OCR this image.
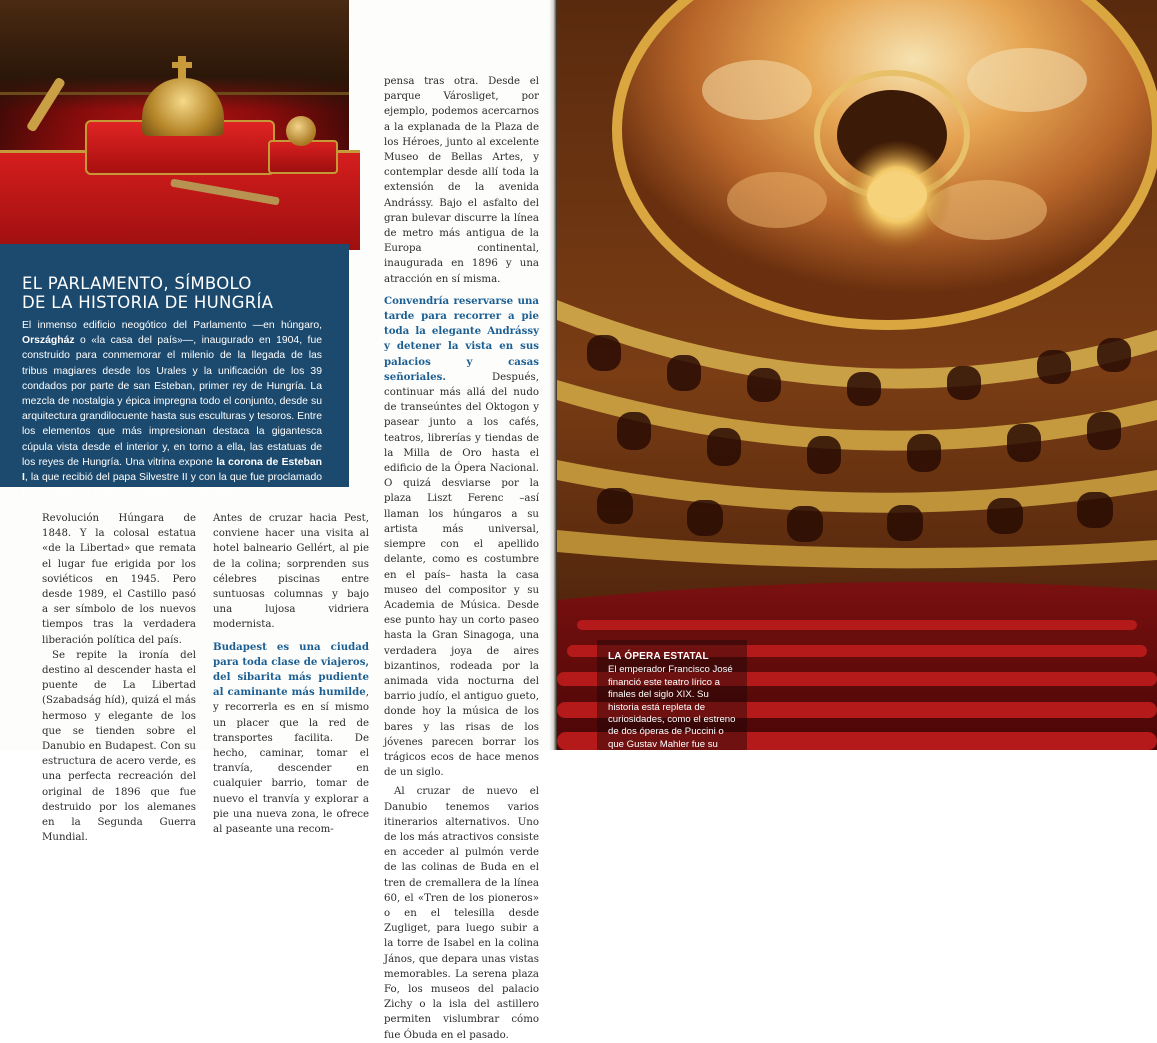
EL PARLAMENTO, SÍMBOLO
DE LA HISTORIA DE HUNGRÍA

El inmenso edificio neogótico del Parlamento —en húngaro, Országház o «la casa del país»—, inaugurado en 1904, fue construido para conmemorar el milenio de la llegada de las tribus magiares desde los Urales y la unificación de los 39 condados por parte de san Esteban, primer rey de Hungría. La mezcla de nostalgia y épica impregna todo el conjunto, desde su arquitectura grandilocuente hasta sus esculturas y tesoros. Entre los elementos que más impresionan destaca la gigantesca cúpula vista desde el interior y, en torno a ella, las estatuas de los reyes de Hungría. Una vitrina expone la corona de Esteban I, la que recibió del papa Silvestre II y con la que fue proclamado Rey Apostólico el día de Navidad del año 1000.

Revolución Húngara de 1848. Y la colosal estatua «de la Libertad» que remata el lugar fue erigida por los soviéticos en 1945. Pero desde 1989, el Castillo pasó a ser símbolo de los nuevos tiempos tras la verdadera liberación política del país.

Se repite la ironía del destino al descender hasta el puente de La Libertad (Szabadság híd), quizá el más hermoso y elegante de los que se tienden sobre el Danubio en Budapest. Con su estructura de acero verde, es una perfecta recreación del original de 1896 que fue destruido por los alemanes en la Segunda Guerra Mundial.

Antes de cruzar hacia Pest, conviene hacer una visita al hotel balneario Gellért, al pie de la colina; sorprenden sus célebres piscinas entre suntuosas columnas y bajo una lujosa vidriera modernista.

Budapest es una ciudad para toda clase de viajeros, del sibarita más pudiente al caminante más humilde, y recorrerla es en sí mismo un placer que la red de transportes facilita. De hecho, caminar, tomar el tranvía, descender en cualquier barrio, tomar de nuevo el tranvía y explorar a pie una nueva zona, le ofrece al paseante una recom-

pensa tras otra. Desde el parque Városliget, por ejemplo, podemos acercarnos a la explanada de la Plaza de los Héroes, junto al excelente Museo de Bellas Artes, y contemplar desde allí toda la extensión de la avenida Andrássy. Bajo el asfalto del gran bulevar discurre la línea de metro más antigua de la Europa continental, inaugurada en 1896 y una atracción en sí misma.

Convendría reservarse una tarde para recorrer a pie toda la elegante Andrássy y detener la vista en sus palacios y casas señoriales. Después, continuar más allá del nudo de transeúntes del Oktogon y pasear junto a los cafés, teatros, librerías y tiendas de la Milla de Oro hasta el edificio de la Ópera Nacional. O quizá desviarse por la plaza Liszt Ferenc –así llaman los húngaros a su artista más universal, siempre con el apellido delante, como es costumbre en el país– hasta la casa museo del compositor y su Academia de Música. Desde ese punto hay un corto paseo hasta la Gran Sinagoga, una verdadera joya de aires bizantinos, rodeada por la animada vida nocturna del barrio judío, el antiguo gueto, donde hoy la música de los bares y las risas de los jóvenes parecen borrar los trágicos ecos de hace menos de un siglo.

Al cruzar de nuevo el Danubio tenemos varios itinerarios alternativos. Uno de los más atractivos consiste en acceder al pulmón verde de las colinas de Buda en el tren de cremallera de la línea 60, el «Tren de los pioneros» o en el telesilla desde Zugliget, para luego subir a la torre de Isabel en la colina János, que depara unas vistas memorables. La serena plaza Fo, los museos del palacio Zichy o la isla del astillero permiten vislumbrar cómo fue Óbuda en el pasado.

LA ÓPERA ESTATAL
El emperador Francisco José financió este teatro lírico a finales del siglo XIX. Su historia está repleta de curiosidades, como el estreno de dos óperas de Puccini o que Gustav Mahler fue su director.
